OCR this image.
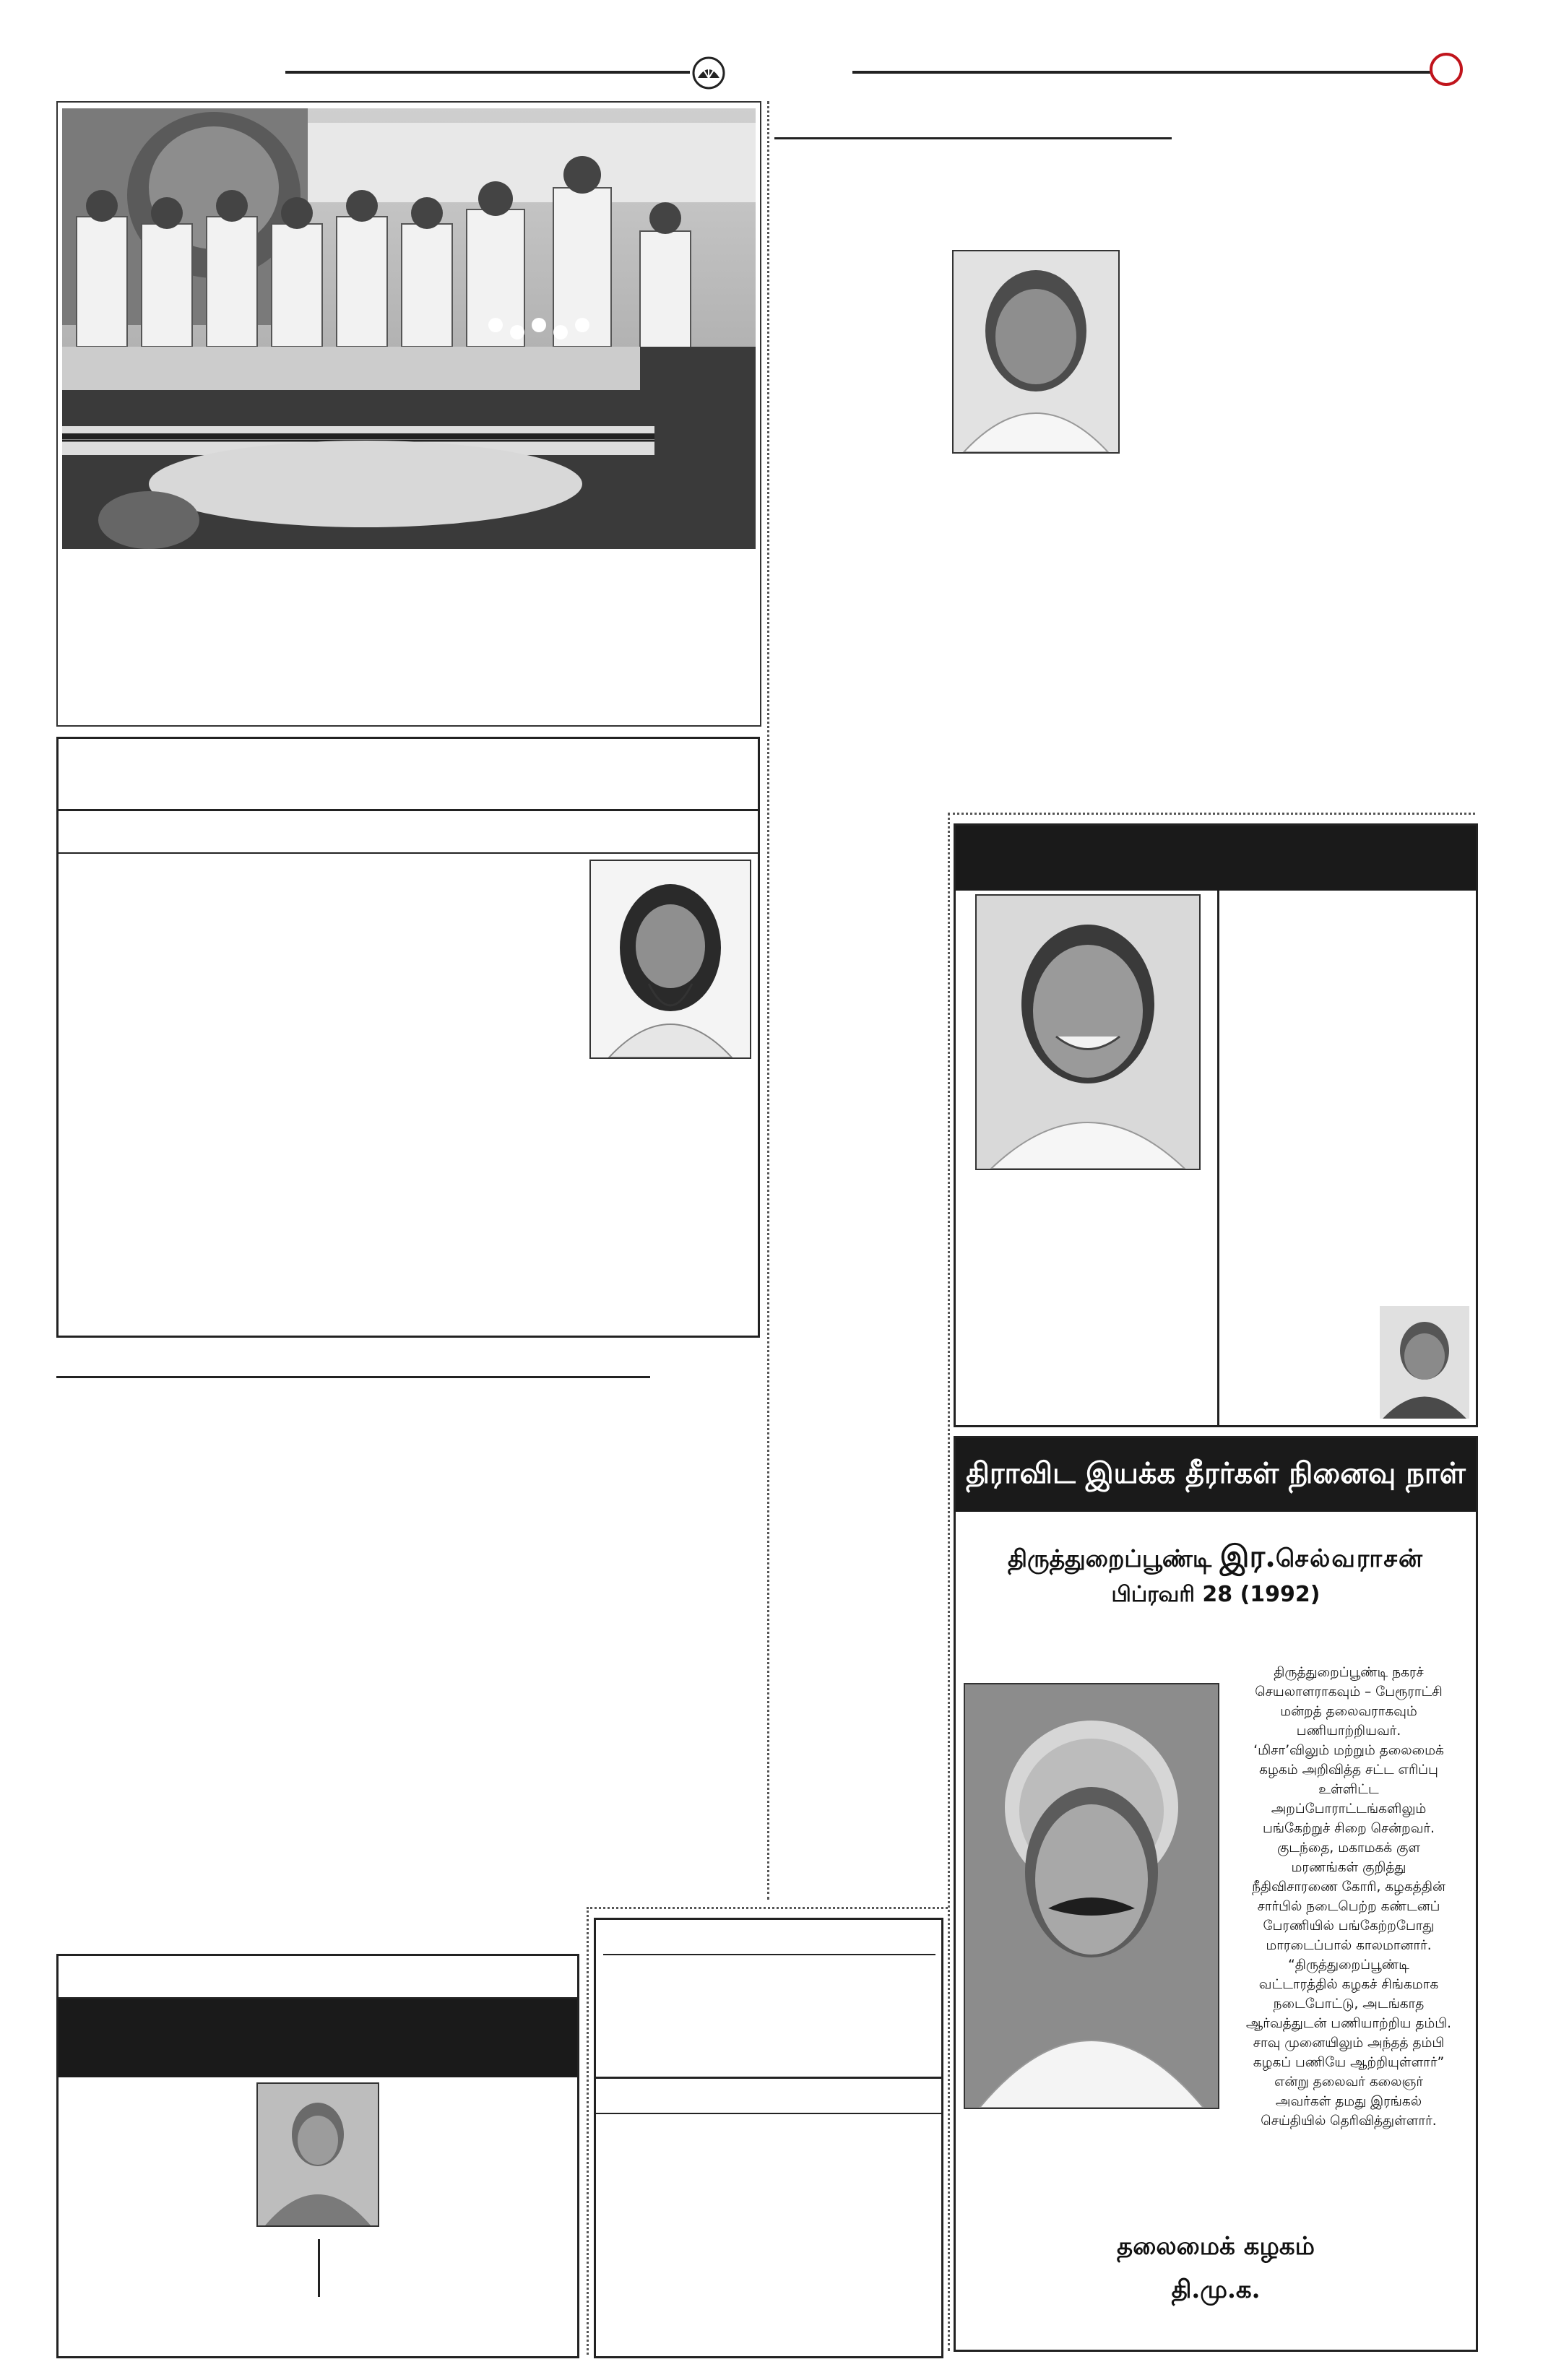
திராவிட இயக்க தீரர்கள் நினைவு நாள்
திருத்துறைப்பூண்டி இர.செல்வராசன்
பிப்ரவரி 28 (1992)
திருத்துறைப்பூண்டி நகரச்
செயலாளராகவும் – பேரூராட்சி
மன்றத் தலைவராகவும்
பணியாற்றியவர்.
‘மிசா’விலும் மற்றும் தலைமைக்
கழகம் அறிவித்த சட்ட எரிப்பு
உள்ளிட்ட
அறப்போராட்டங்களிலும்
பங்கேற்றுச் சிறை சென்றவர்.
குடந்தை, மகாமகக் குள
மரணங்கள் குறித்து
நீதிவிசாரணை கோரி, கழகத்தின்
சார்பில் நடைபெற்ற கண்டனப்
பேரணியில் பங்கேற்றபோது
மாரடைப்பால் காலமானார்.
“திருத்துறைப்பூண்டி
வட்டாரத்தில் கழகச் சிங்கமாக
நடைபோட்டு, அடங்காத
ஆர்வத்துடன் பணியாற்றிய தம்பி.
சாவு முனையிலும் அந்தத் தம்பி
கழகப் பணியே ஆற்றியுள்ளார்”
என்று தலைவர் கலைஞர்
அவர்கள் தமது இரங்கல்
செய்தியில் தெரிவித்துள்ளார்.
தலைமைக் கழகம்
தி.மு.க.
